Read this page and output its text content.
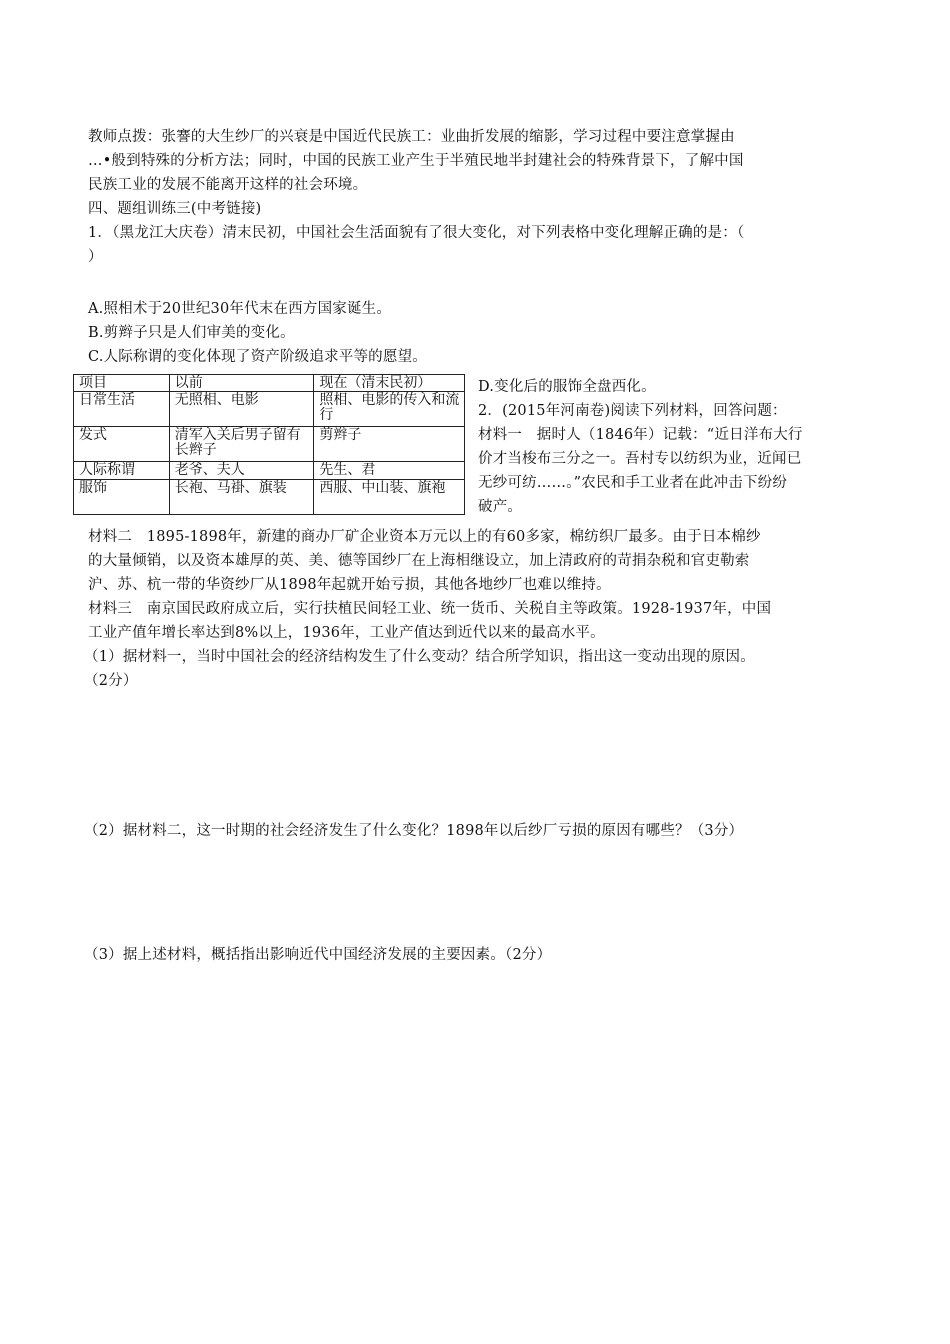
教师点拨：张謇的大生纱厂的兴衰是中国近代民族工：业曲折发展的缩影，学习过程中要注意掌握由
…•般到特殊的分析方法；同时，中国的民族工业产生于半殖民地半封建社会的特殊背景下，了解中国
民族工业的发展不能离开这样的社会环境。
四、题组训练三(中考链接)
1．（黑龙江大庆卷）清末民初，中国社会生活面貌有了很大变化，对下列表格中变化理解正确的是：（
）
A.照相术于20世纪30年代末在西方国家诞生。
B.剪辫子只是人们审美的变化。
C.人际称谓的变化体现了资产阶级追求平等的愿望。
项目	以前	现在（清末民初）
日常生活	无照相、电影	照相、电影的传入和流行
发式	清军入关后男子留有长辫子	剪辫子
人际称谓	老爷、夫人	先生、君
服饰	长袍、马褂、旗装	西服、中山装、旗袍
D.变化后的服饰全盘西化。
2．(2015年河南卷)阅读下列材料，回答问题：
材料一　据时人（1846年）记载：“近日洋布大行
价才当梭布三分之一。吾村专以纺织为业，近闻已
无纱可纺……。”农民和手工业者在此冲击下纷纷
破产。
材料二　1895-1898年，新建的商办厂矿企业资本万元以上的有60多家，棉纺织厂最多。由于日本棉纱
的大量倾销，以及资本雄厚的英、美、德等国纱厂在上海相继设立，加上清政府的苛捐杂税和官吏勒索
沪、苏、杭一带的华资纱厂从1898年起就开始亏损，其他各地纱厂也难以维持。
材料三　南京国民政府成立后，实行扶植民间轻工业、统一货币、关税自主等政策。1928-1937年，中国
工业产值年增长率达到8%以上，1936年，工业产值达到近代以来的最高水平。
（1）据材料一，当时中国社会的经济结构发生了什么变动？结合所学知识，指出这一变动出现的原因。
（2分）
（2）据材料二，这一时期的社会经济发生了什么变化？1898年以后纱厂亏损的原因有哪些？（3分）
（3）据上述材料，概括指出影响近代中国经济发展的主要因素。（2分）
